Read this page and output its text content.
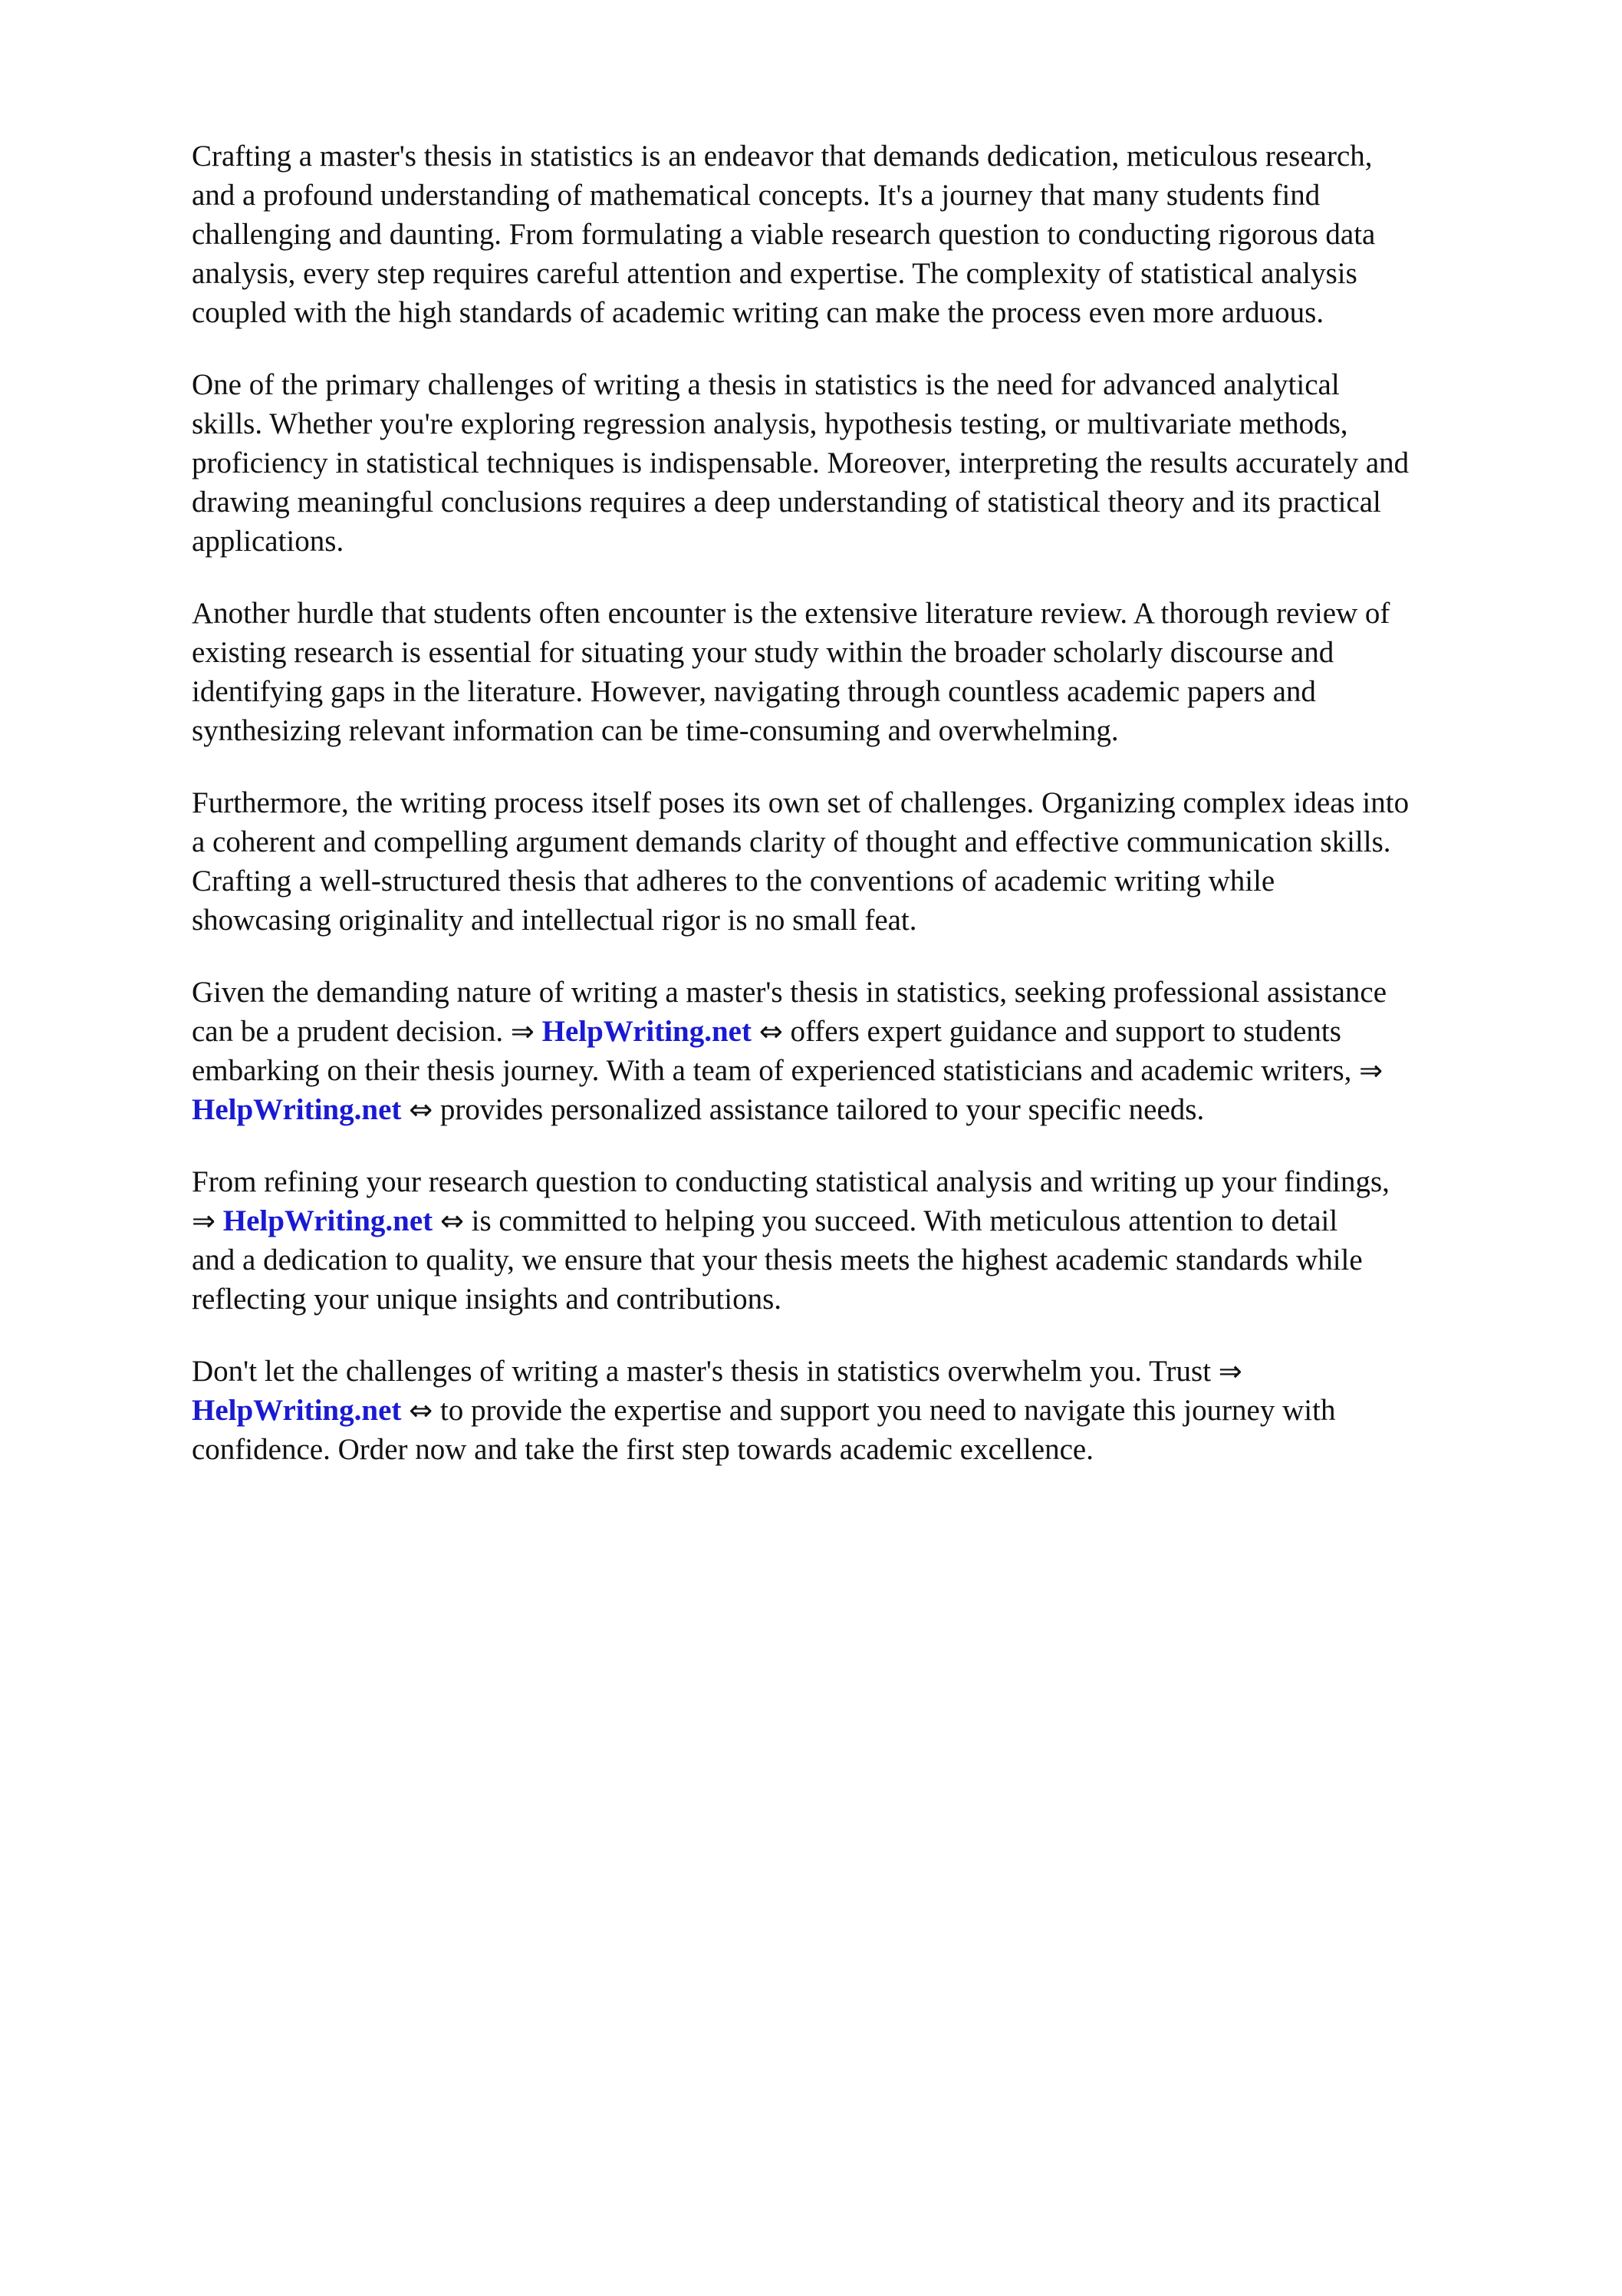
Crafting a master's thesis in statistics is an endeavor that demands dedication, meticulous research,
and a profound understanding of mathematical concepts. It's a journey that many students find
challenging and daunting. From formulating a viable research question to conducting rigorous data
analysis, every step requires careful attention and expertise. The complexity of statistical analysis
coupled with the high standards of academic writing can make the process even more arduous.

One of the primary challenges of writing a thesis in statistics is the need for advanced analytical
skills. Whether you're exploring regression analysis, hypothesis testing, or multivariate methods,
proficiency in statistical techniques is indispensable. Moreover, interpreting the results accurately and
drawing meaningful conclusions requires a deep understanding of statistical theory and its practical
applications.

Another hurdle that students often encounter is the extensive literature review. A thorough review of
existing research is essential for situating your study within the broader scholarly discourse and
identifying gaps in the literature. However, navigating through countless academic papers and
synthesizing relevant information can be time-consuming and overwhelming.

Furthermore, the writing process itself poses its own set of challenges. Organizing complex ideas into
a coherent and compelling argument demands clarity of thought and effective communication skills.
Crafting a well-structured thesis that adheres to the conventions of academic writing while
showcasing originality and intellectual rigor is no small feat.

Given the demanding nature of writing a master's thesis in statistics, seeking professional assistance
can be a prudent decision. ⇒ HelpWriting.net ⇔ offers expert guidance and support to students
embarking on their thesis journey. With a team of experienced statisticians and academic writers, ⇒
HelpWriting.net ⇔ provides personalized assistance tailored to your specific needs.

From refining your research question to conducting statistical analysis and writing up your findings,
⇒ HelpWriting.net ⇔ is committed to helping you succeed. With meticulous attention to detail
and a dedication to quality, we ensure that your thesis meets the highest academic standards while
reflecting your unique insights and contributions.

Don't let the challenges of writing a master's thesis in statistics overwhelm you. Trust ⇒
HelpWriting.net ⇔ to provide the expertise and support you need to navigate this journey with
confidence. Order now and take the first step towards academic excellence.
